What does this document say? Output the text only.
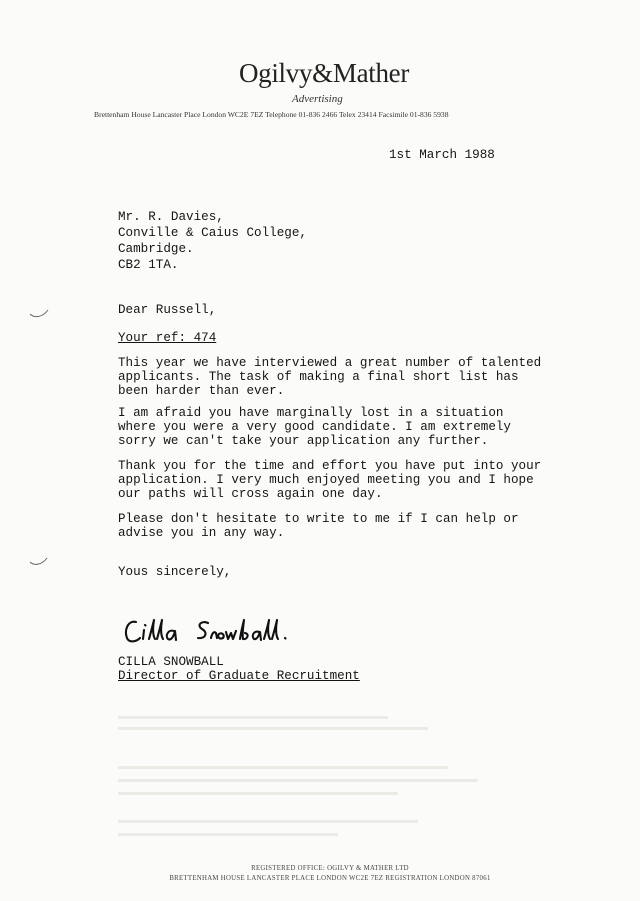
Ogilvy&Mather
Advertising
Brettenham House Lancaster Place London WC2E 7EZ Telephone 01-836 2466 Telex 23414 Facsimile 01-836 5938
1st March 1988
Mr. R. Davies,
Conville & Caius College,
Cambridge.
CB2 1TA.
Dear Russell,
Your ref: 474
This year we have interviewed a great number of talented
applicants. The task of making a final short list has
been harder than ever.
I am afraid you have marginally lost in a situation
where you were a very good candidate. I am extremely
sorry we can't take your application any further.
Thank you for the time and effort you have put into your
application. I very much enjoyed meeting you and I hope
our paths will cross again one day.
Please don't hesitate to write to me if I can help or
advise you in any way.
Yous sincerely,
CILLA SNOWBALL
Director of Graduate Recruitment
REGISTERED OFFICE: OGILVY & MATHER LTD
BRETTENHAM HOUSE LANCASTER PLACE LONDON WC2E 7EZ REGISTRATION LONDON 87061
